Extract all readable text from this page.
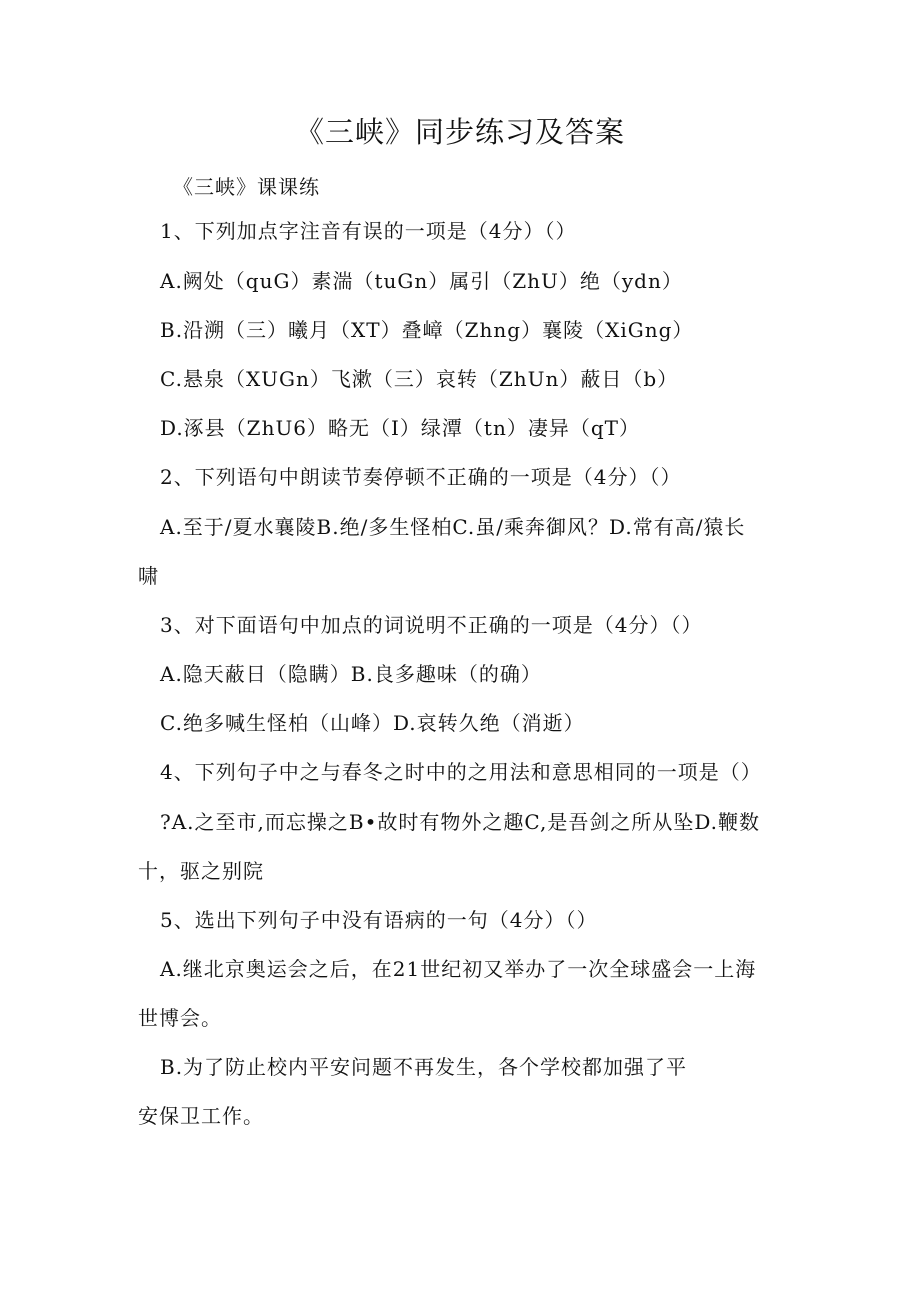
《三峡》同步练习及答案
《三峡》课课练
1、下列加点字注音有误的一项是（4分）（）
A.阙处（quG）素湍（tuGn）属引（ZhU）绝（ydn）
B.沿溯（三）曦月（XT）叠嶂（Zhng）襄陵（XiGng）
C.悬泉（XUGn）飞漱（三）哀转（ZhUn）蔽日（b）
D.涿县（ZhU6）略无（I）绿潭（tn）凄异（qT）
2、下列语句中朗读节奏停顿不正确的一项是（4分）（）
A.至于/夏水襄陵B.绝/多生怪柏C.虽/乘奔御风？D.常有高/猿长
啸
3、对下面语句中加点的词说明不正确的一项是（4分）（）
A.隐天蔽日（隐瞒）B.良多趣味（的确）
C.绝多喊生怪柏（山峰）D.哀转久绝（消逝）
4、下列句子中之与春冬之时中的之用法和意思相同的一项是（）
?A.之至市,而忘操之B•故时有物外之趣C,是吾剑之所从坠D.鞭数
十，驱之别院
5、选出下列句子中没有语病的一句（4分）（）
A.继北京奥运会之后，在21世纪初又举办了一次全球盛会一上海
世博会。
B.为了防止校内平安问题不再发生，各个学校都加强了平
安保卫工作。
